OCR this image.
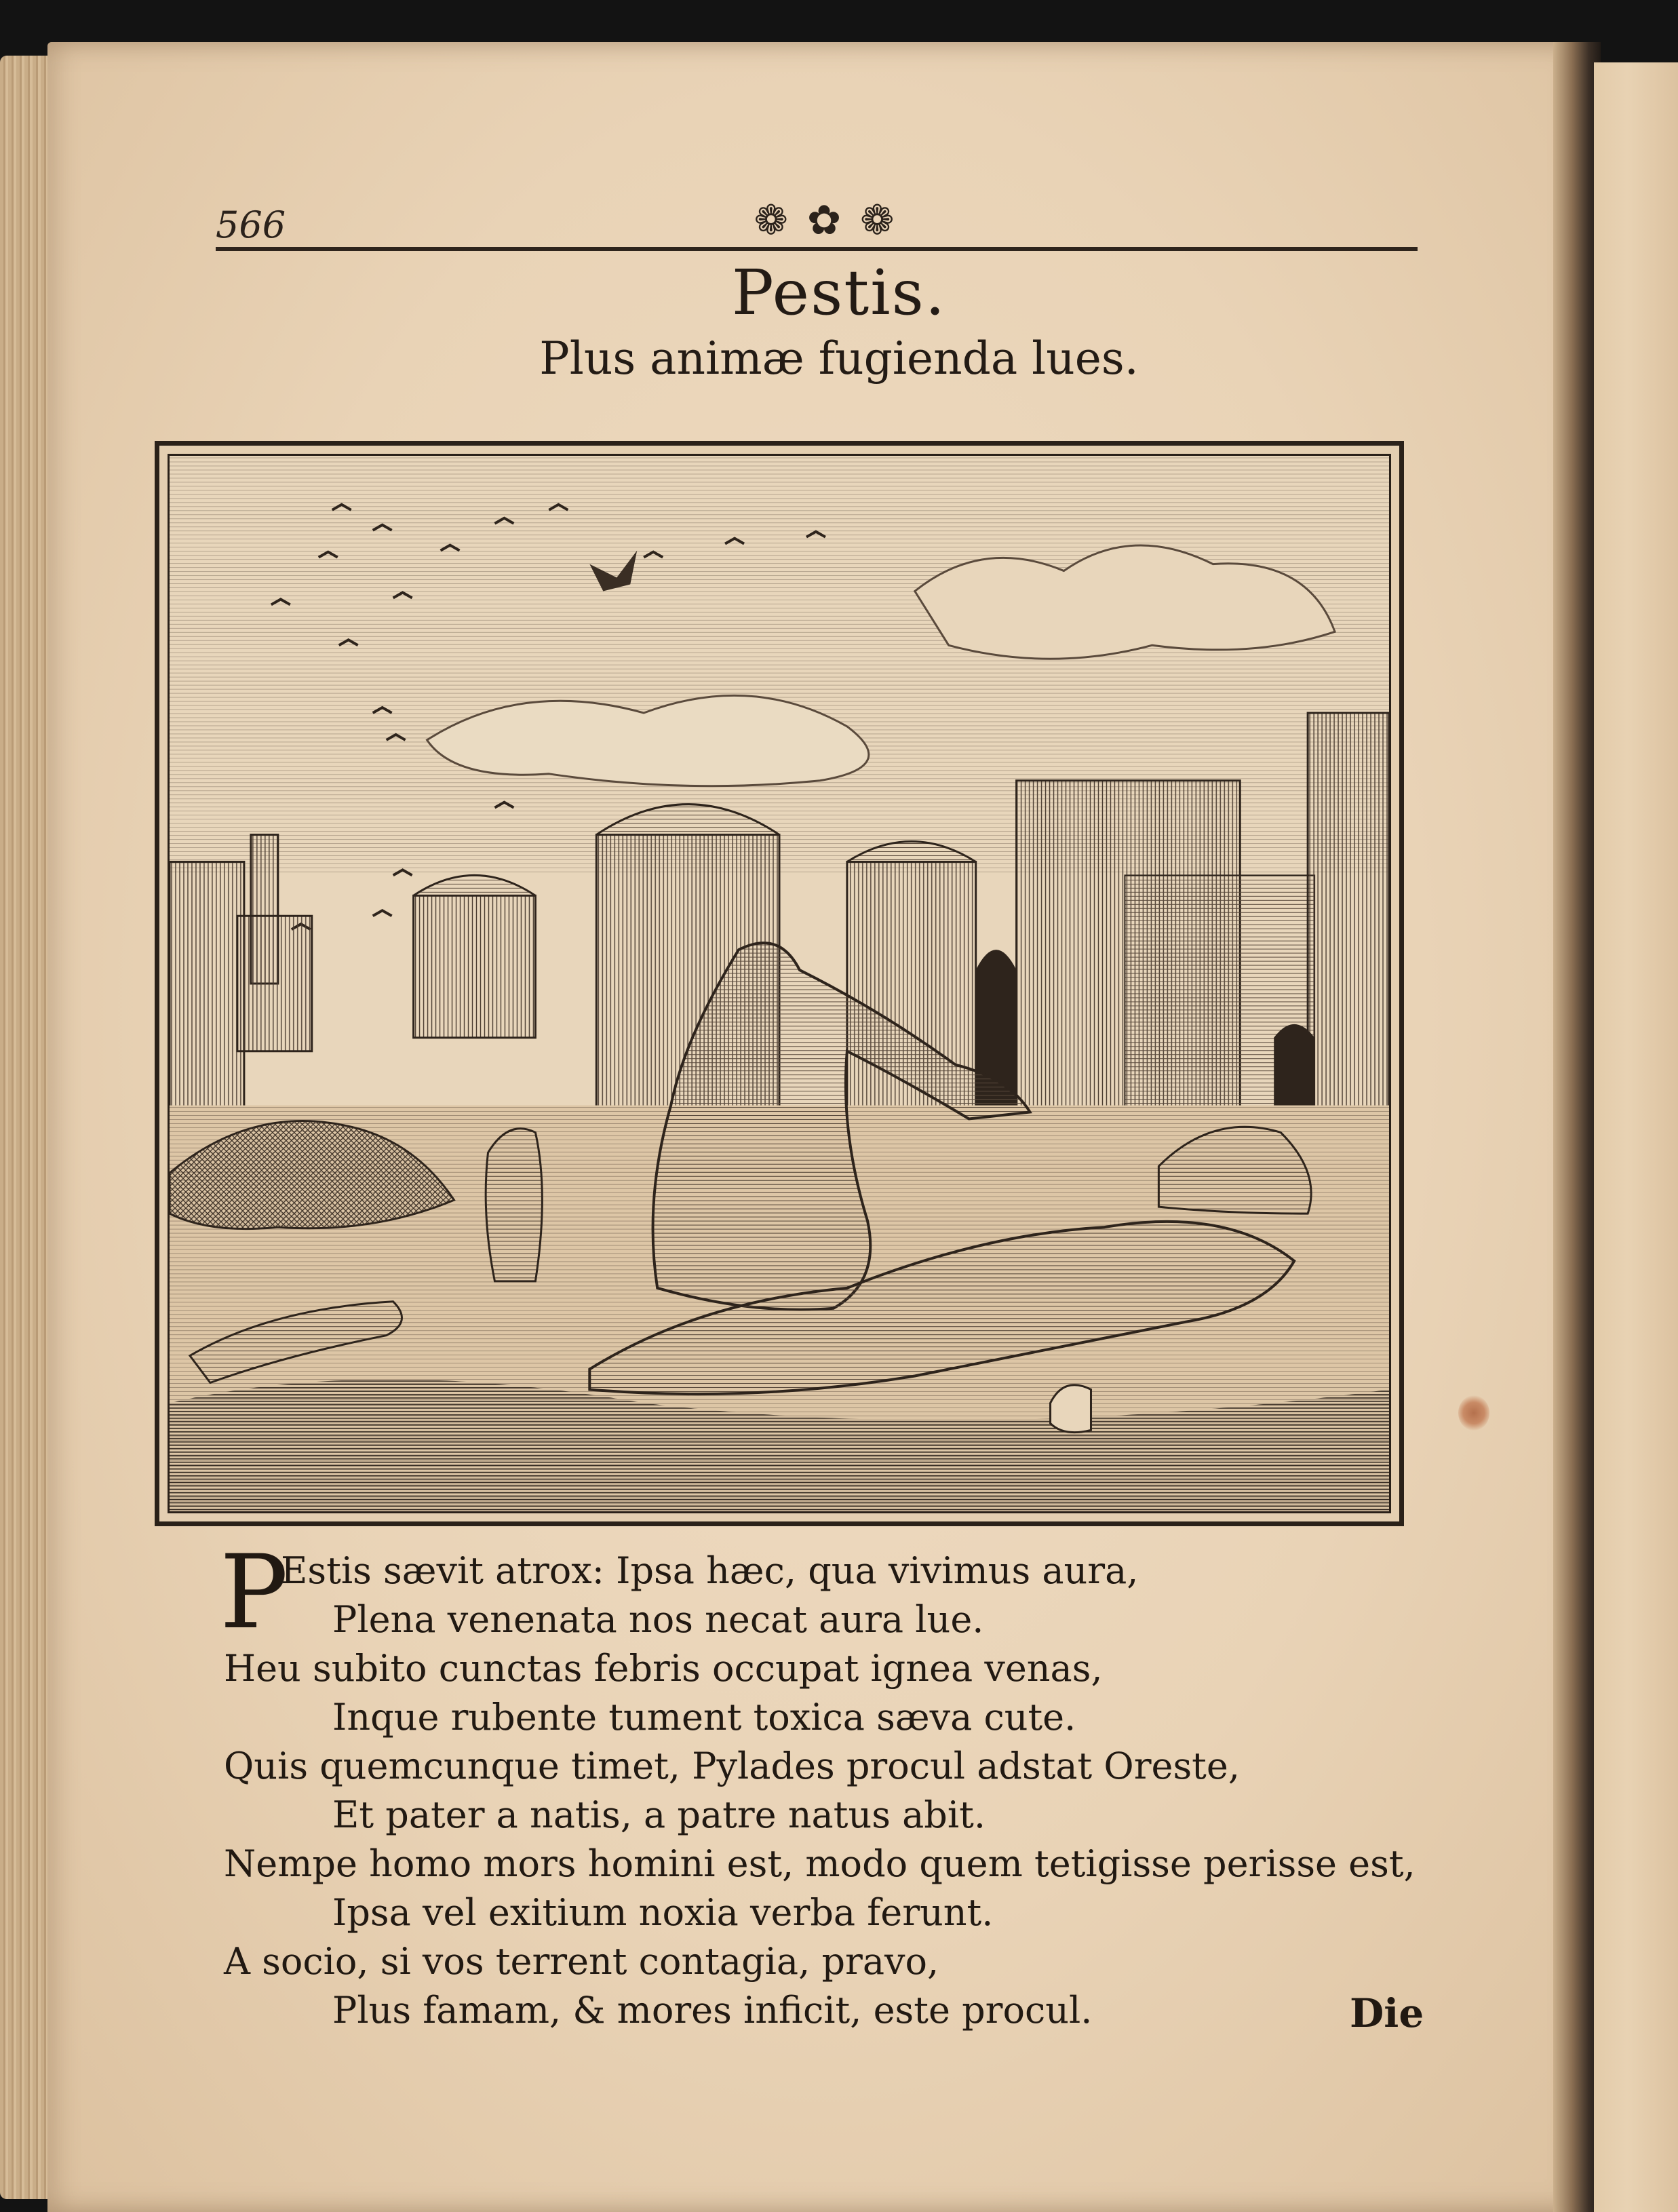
566	❁ ✿ ❁
Pestis.
Plus animæ fugienda lues.
P
Estis sævit atrox: Ipsa hæc, qua vivimus aura,
Plena venenata nos necat aura lue.
Heu subito cunctas febris occupat ignea venas,
Inque rubente tument toxica sæva cute.
Quis quemcunque timet, Pylades procul adstat Oreste,
Et pater a natis, a patre natus abit.
Nempe homo mors homini est, modo quem tetigisse perisse est,
Ipsa vel exitium noxia verba ferunt.
A socio, si vos terrent contagia, pravo,
Plus famam, & mores inficit, este procul.	Die
